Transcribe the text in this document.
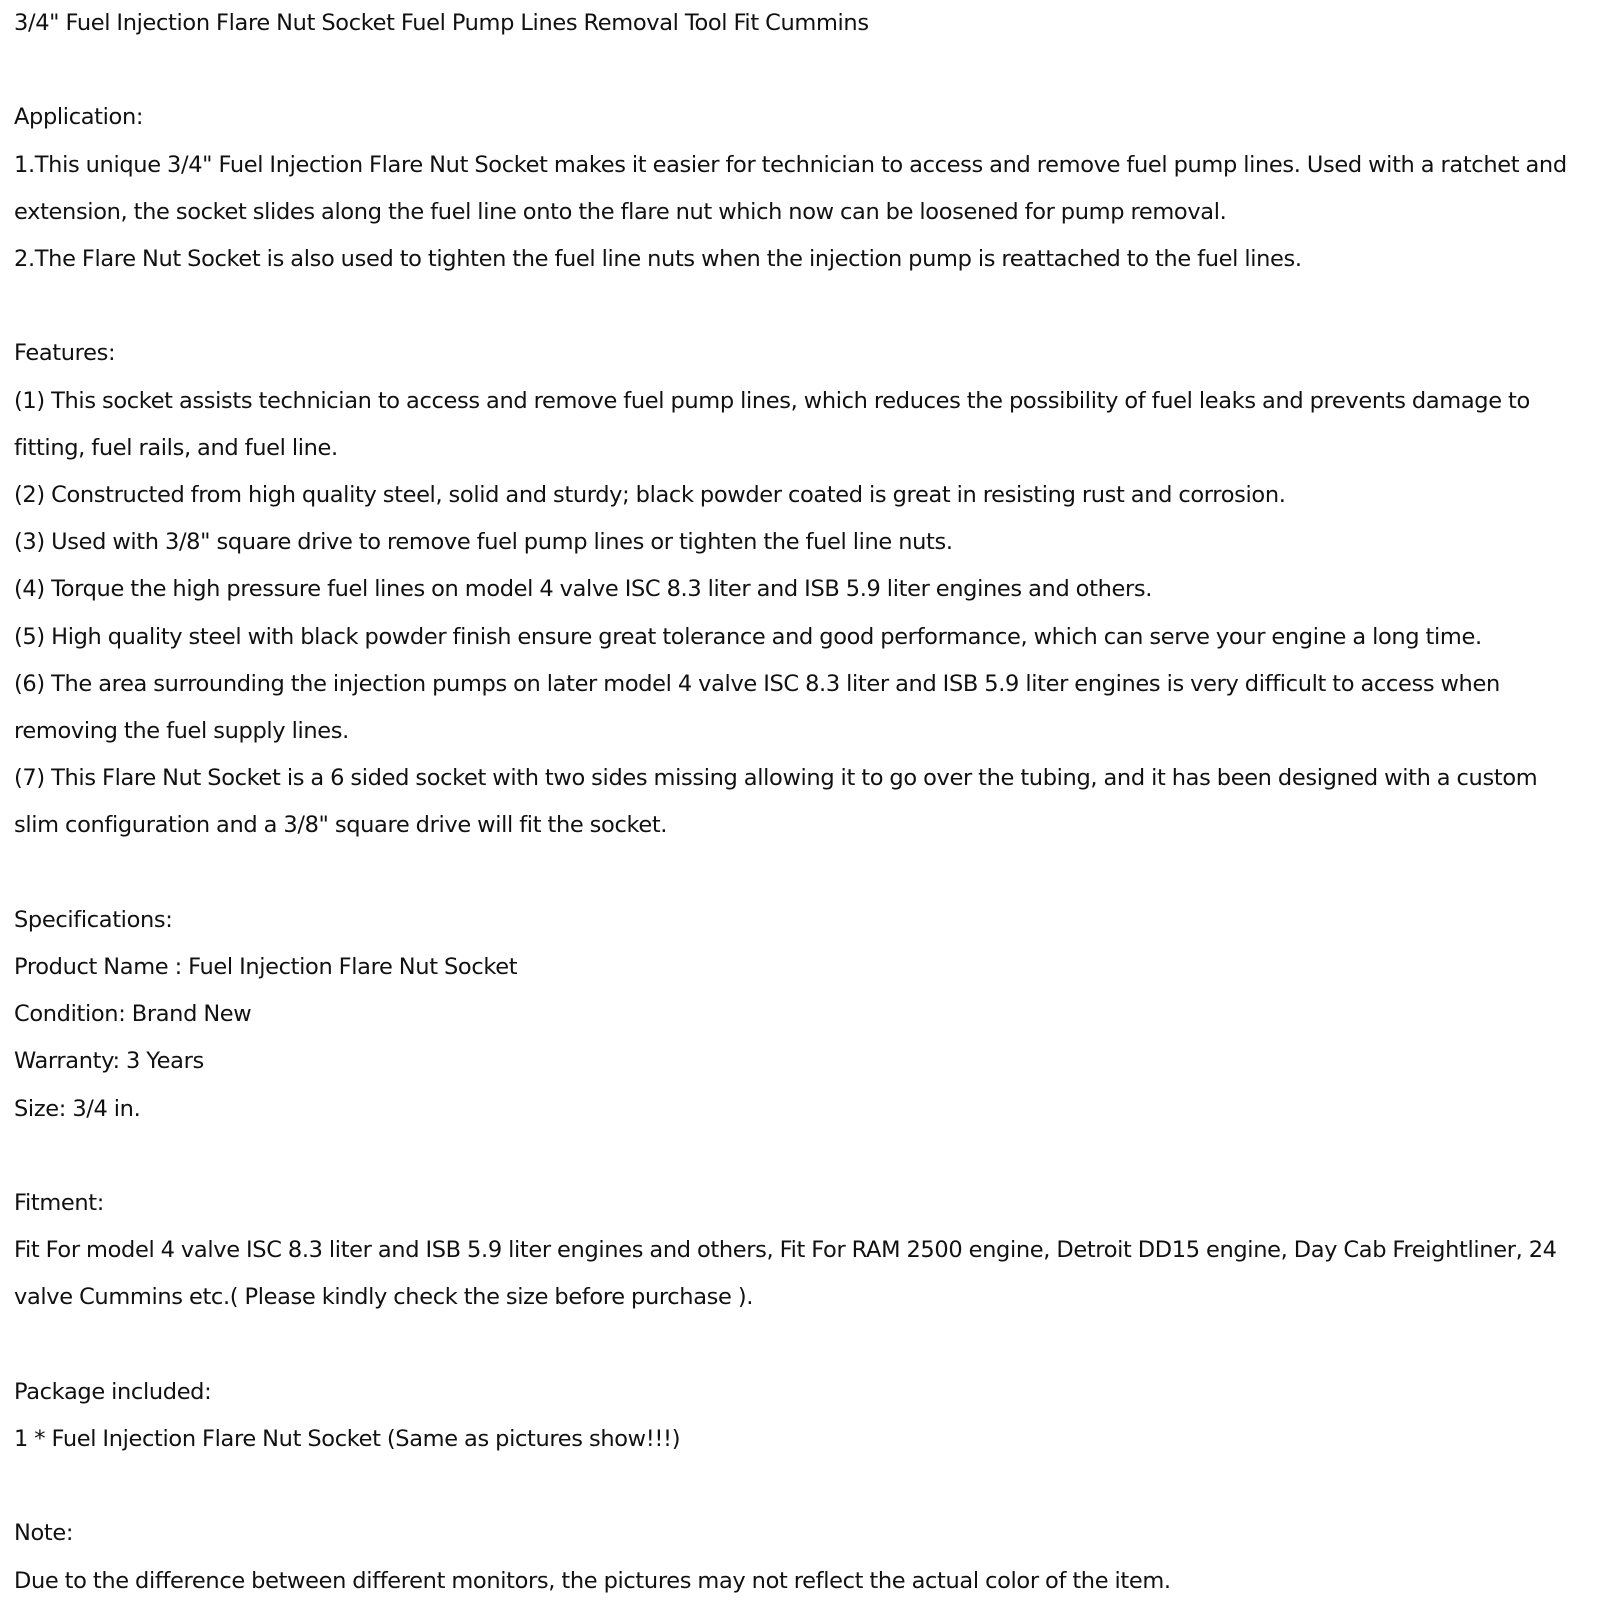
3/4" Fuel Injection Flare Nut Socket Fuel Pump Lines Removal Tool Fit Cummins

Application:

1.This unique 3/4" Fuel Injection Flare Nut Socket makes it easier for technician to access and remove fuel pump lines. Used with a ratchet and extension, the socket slides along the fuel line onto the flare nut which now can be loosened for pump removal.

2.The Flare Nut Socket is also used to tighten the fuel line nuts when the injection pump is reattached to the fuel lines.

Features:

(1) This socket assists technician to access and remove fuel pump lines, which reduces the possibility of fuel leaks and prevents damage to fitting, fuel rails, and fuel line.

(2) Constructed from high quality steel, solid and sturdy; black powder coated is great in resisting rust and corrosion.

(3) Used with 3/8" square drive to remove fuel pump lines or tighten the fuel line nuts.

(4) Torque the high pressure fuel lines on model 4 valve ISC 8.3 liter and ISB 5.9 liter engines and others.

(5) High quality steel with black powder finish ensure great tolerance and good performance, which can serve your engine a long time.

(6) The area surrounding the injection pumps on later model 4 valve ISC 8.3 liter and ISB 5.9 liter engines is very difficult to access when removing the fuel supply lines.

(7) This Flare Nut Socket is a 6 sided socket with two sides missing allowing it to go over the tubing, and it has been designed with a custom slim configuration and a 3/8" square drive will fit the socket.

Specifications:

Product Name : Fuel Injection Flare Nut Socket

Condition: Brand New

Warranty: 3 Years

Size: 3/4 in.

Fitment:

Fit For model 4 valve ISC 8.3 liter and ISB 5.9 liter engines and others, Fit For RAM 2500 engine, Detroit DD15 engine, Day Cab Freightliner, 24 valve Cummins etc.( Please kindly check the size before purchase ).

Package included:

1 * Fuel Injection Flare Nut Socket (Same as pictures show!!!)

Note:

Due to the difference between different monitors, the pictures may not reflect the actual color of the item.
